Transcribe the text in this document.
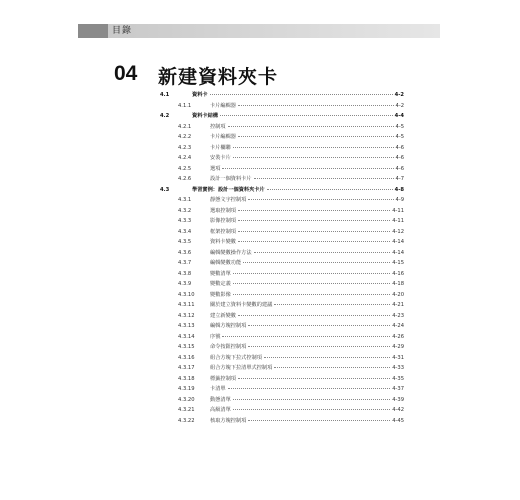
目錄
04 新建資料夾卡
4.1	資料卡	4-2
4.1.1	卡片編輯器	4-2
4.2	資料卡結構	4-4
4.2.1	控制項	4-5
4.2.2	卡片編輯器	4-5
4.2.3	卡片欄聯	4-6
4.2.4	安裝卡片	4-6
4.2.5	選項	4-6
4.2.6	設計一個資料卡片	4-7
4.3	學習實例：設計一個資料夾卡片	4-8
4.3.1	靜態文字控制項	4-9
4.3.2	選取控制項	4-11
4.3.3	影像控制項	4-11
4.3.4	框架控制項	4-12
4.3.5	資料卡變數	4-14
4.3.6	編輯變數操作方法	4-14
4.3.7	編輯變數功能	4-15
4.3.8	變數清單	4-16
4.3.9	變數定義	4-18
4.3.10	變數影像	4-20
4.3.11	關於建立資料卡變數的建議	4-21
4.3.12	建立新變數	4-23
4.3.13	編輯方塊控制項	4-24
4.3.14	序號	4-26
4.3.15	命令按鈕控制項	4-29
4.3.16	組合方塊下拉式控制項	4-31
4.3.17	組合方塊下拉清單式控制項	4-33
4.3.18	標籤控制項	4-35
4.3.19	卡清單	4-37
4.3.20	動態清單	4-39
4.3.21	高級清單	4-42
4.3.22	核取方塊控制項	4-45
